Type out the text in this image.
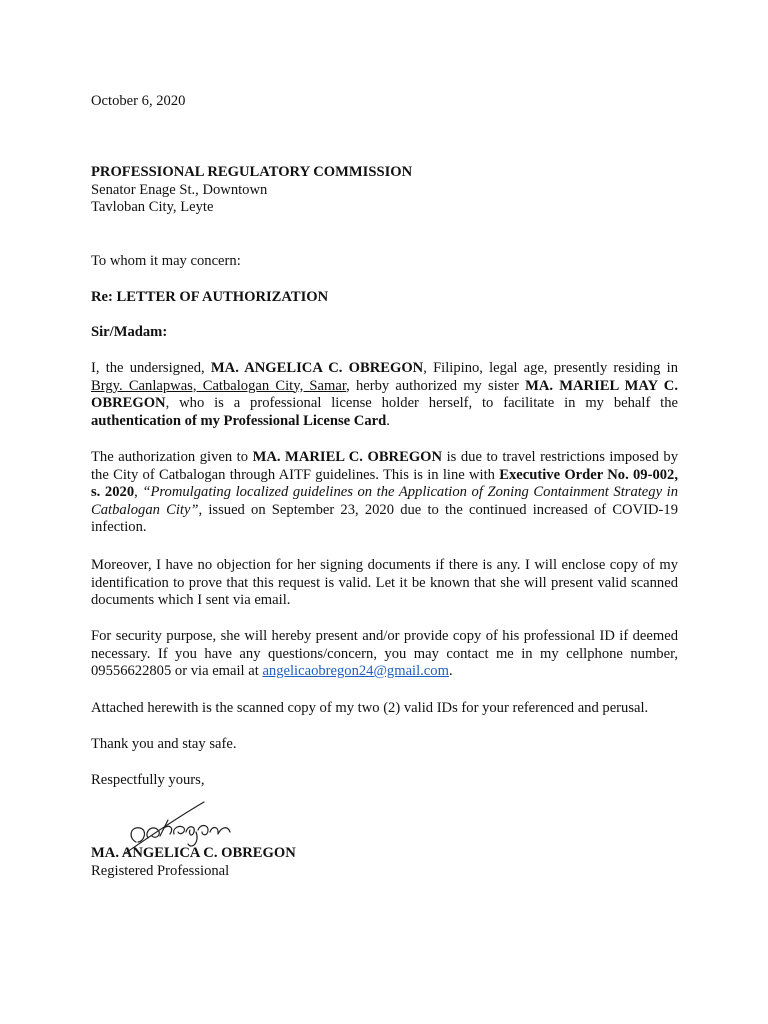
October 6, 2020

PROFESSIONAL REGULATORY COMMISSION
Senator Enage St., Downtown
Tavloban City, Leyte

To whom it may concern:

Re: LETTER OF AUTHORIZATION

Sir/Madam:

I, the undersigned, MA. ANGELICA C. OBREGON, Filipino, legal age, presently residing in Brgy. Canlapwas, Catbalogan City, Samar, herby authorized my sister MA. MARIEL MAY C. OBREGON, who is a professional license holder herself, to facilitate in my behalf the authentication of my Professional License Card.

The authorization given to MA. MARIEL C. OBREGON is due to travel restrictions imposed by the City of Catbalogan through AITF guidelines. This is in line with Executive Order No. 09-002, s. 2020, “Promulgating localized guidelines on the Application of Zoning Containment Strategy in Catbalogan City”, issued on September 23, 2020 due to the continued increased of COVID-19 infection.

Moreover, I have no objection for her signing documents if there is any. I will enclose copy of my identification to prove that this request is valid. Let it be known that she will present valid scanned documents which I sent via email.

For security purpose, she will hereby present and/or provide copy of his professional ID if deemed necessary. If you have any questions/concern, you may contact me in my cellphone number, 09556622805 or via email at angelicaobregon24@gmail.com.

Attached herewith is the scanned copy of my two (2) valid IDs for your referenced and perusal.

Thank you and stay safe.

Respectfully yours,

MA. ANGELICA C. OBREGON
Registered Professional
